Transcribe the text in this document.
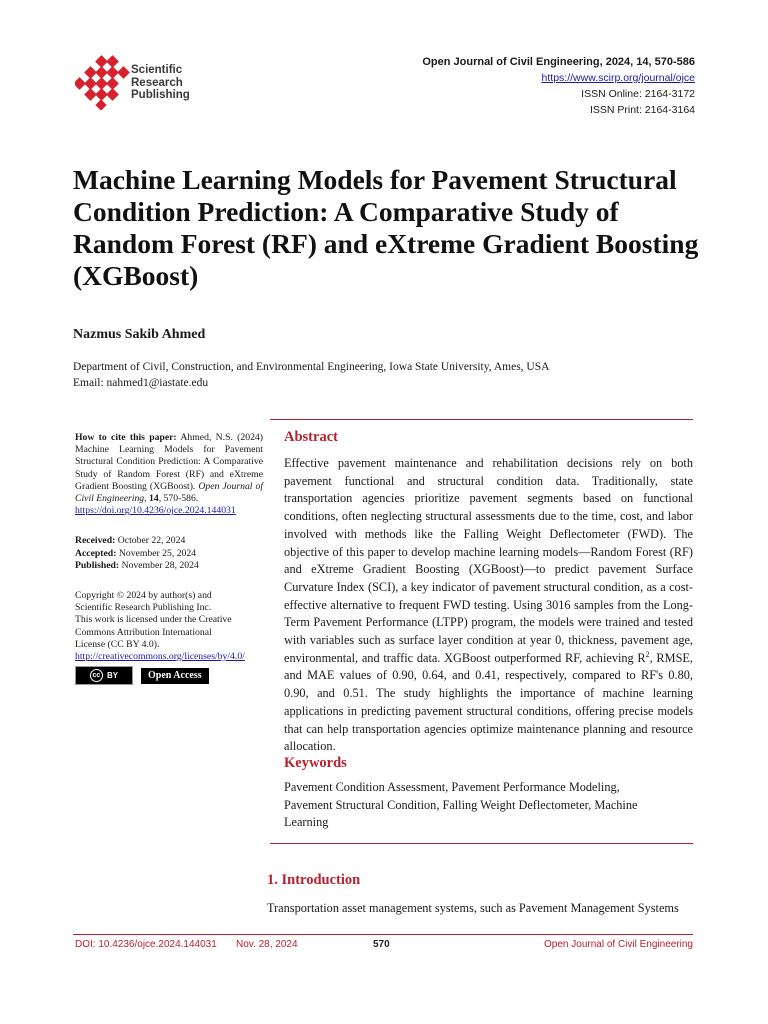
Scientific
Research
Publishing
Open Journal of Civil Engineering, 2024, 14, 570-586
https://www.scirp.org/journal/ojce
ISSN Online: 2164-3172
ISSN Print: 2164-3164
Machine Learning Models for Pavement Structural Condition Prediction: A Comparative Study of Random Forest (RF) and eXtreme Gradient Boosting (XGBoost)

Nazmus Sakib Ahmed

Department of Civil, Construction, and Environmental Engineering, Iowa State University, Ames, USA
Email: nahmed1@iastate.edu

How to cite this paper: Ahmed, N.S. (2024) Machine Learning Models for Pavement Structural Condition Prediction: A Comparative Study of Random Forest (RF) and eXtreme Gradient Boosting (XGBoost). Open Journal of Civil Engineering, 14, 570-586.
https://doi.org/10.4236/ojce.2024.144031

Received: October 22, 2024
Accepted: November 25, 2024
Published: November 28, 2024

Copyright © 2024 by author(s) and
Scientific Research Publishing Inc.
This work is licensed under the Creative
Commons Attribution International
License (CC BY 4.0).
http://creativecommons.org/licenses/by/4.0/

cc BY	Open Access
Abstract

Effective pavement maintenance and rehabilitation decisions rely on both pavement functional and structural condition data. Traditionally, state transportation agencies prioritize pavement segments based on functional conditions, often neglecting structural assessments due to the time, cost, and labor involved with methods like the Falling Weight Deflectometer (FWD). The objective of this paper to develop machine learning models—Random Forest (RF) and eXtreme Gradient Boosting (XGBoost)—to predict pavement Surface Curvature Index (SCI), a key indicator of pavement structural condition, as a cost-effective alternative to frequent FWD testing. Using 3016 samples from the Long-Term Pavement Performance (LTPP) program, the models were trained and tested with variables such as surface layer condition at year 0, thickness, pavement age, environmental, and traffic data. XGBoost outperformed RF, achieving $R^2$, RMSE, and MAE values of 0.90, 0.64, and 0.41, respectively, compared to RF's 0.80, 0.90, and 0.51. The study highlights the importance of machine learning applications in predicting pavement structural conditions, offering precise models that can help transportation agencies optimize maintenance planning and resource allocation.

Keywords

Pavement Condition Assessment, Pavement Performance Modeling,
Pavement Structural Condition, Falling Weight Deflectometer, Machine
Learning

1. Introduction

Transportation asset management systems, such as Pavement Management Systems

DOI: 10.4236/ojce.2024.144031 Nov. 28, 2024	570	Open Journal of Civil Engineering
